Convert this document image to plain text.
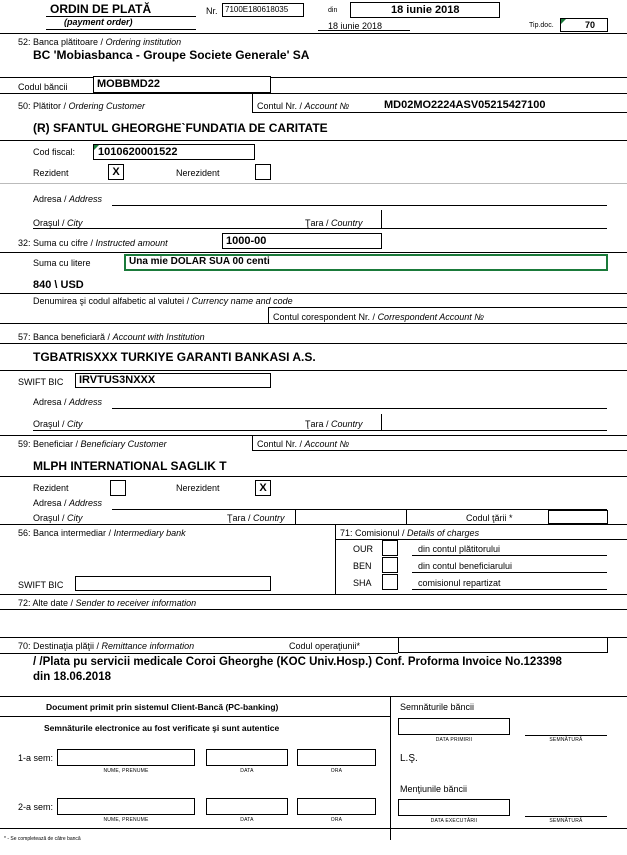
ORDIN DE PLATĂ
(payment order)
Nr. 7100E180618035	din	18 iunie 2018
18 iunie 2018	Tip.doc.	70
52: Banca plătitoare / Ordering institution
BC 'Mobiasbanca - Groupe Societe Generale' SA
Codul băncii	MOBBMD22
50: Plătitor / Ordering Customer	Contul Nr. / Account №	MD02MO2224ASV05215427100
(R) SFANTUL GHEORGHE`FUNDATIA DE CARITATE
Cod fiscal: 1010620001522
Rezident	X	Nerezident
Adresa / Address
Oraşul / City	Ţara / Country
32: Suma cu cifre / Instructed amount	1000-00
Suma cu litere	Una mie DOLAR SUA 00 centi
840 \ USD
Denumirea şi codul alfabetic al valutei / Currency name and code
Contul corespondent Nr. / Correspondent Account №
57: Banca beneficiară / Account with Institution
TGBATRISXXX TURKIYE GARANTI BANKASI A.S.
SWIFT BIC IRVTUS3NXXX
Adresa / Address
Oraşul / City	Ţara / Country
59: Beneficiar / Beneficiary Customer	Contul Nr. / Account №
MLPH INTERNATIONAL SAGLIK T
Rezident	Nerezident	X
Adresa / Address
Oraşul / City	Ţara / Country	Codul ţării *
56: Banca intermediar / Intermediary bank	71: Comisionul / Details of charges
OUR	din contul plătitorului
BEN	din contul beneficiarului
SHA	comisionul repartizat
SWIFT BIC
72: Alte date / Sender to receiver information
70: Destinaţia plăţii / Remittance information	Codul operaţiunii*
/ /Plata pu servicii medicale Coroi Gheorghe (KOC Univ.Hosp.) Conf. Proforma Invoice No.123398
din 18.06.2018
Document primit prin sistemul Client-Bancă (PC-banking)
Semnăturile electronice au fost verificate şi sunt autentice
Semnăturile băncii
DATA PRIMIRII	SEMNĂTURĂ
1-a sem:
NUME, PRENUME	DATA	ORA
L.Ş.
Menţiunile băncii
2-a sem:
NUME, PRENUME	DATA	ORA	DATA EXECUTĂRII	SEMNĂTURĂ
* - Se completează de către bancă
